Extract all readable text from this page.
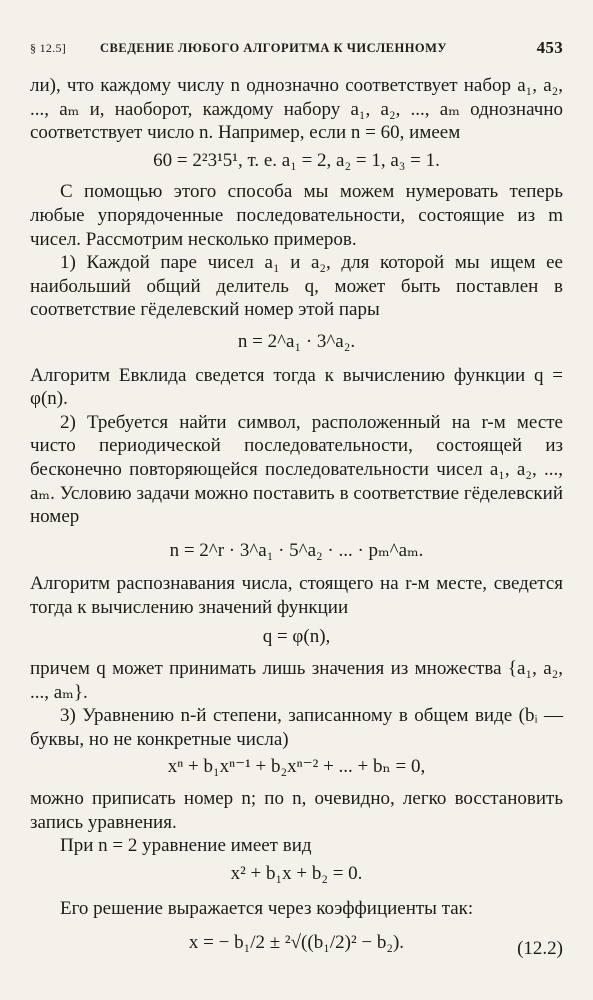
§ 12.5]	СВЕДЕНИЕ ЛЮБОГО АЛГОРИТМА К ЧИСЛЕННОМУ	453

ли), что каждому числу n однозначно соответствует набор a₁, a₂, ..., aₘ и, наоборот, каждому набору a₁, a₂, ..., aₘ однозначно соответствует число n. Например, если n = 60, имеем

60 = 2²3¹5¹, т. е. a₁ = 2, a₂ = 1, a₃ = 1.

С помощью этого способа мы можем нумеровать теперь любые упорядоченные последовательности, состоящие из m чисел. Рассмотрим несколько примеров.

1) Каждой паре чисел a₁ и a₂, для которой мы ищем ее наибольший общий делитель q, может быть поставлен в соответствие гёделевский номер этой пары

n = 2^a₁ · 3^a₂.

Алгоритм Евклида сведется тогда к вычислению функции q = φ(n).

2) Требуется найти символ, расположенный на r-м месте чисто периодической последовательности, состоящей из бесконечно повторяющейся последовательности чисел a₁, a₂, ..., aₘ. Условию задачи можно поставить в соответствие гёделевский номер

n = 2^r · 3^a₁ · 5^a₂ · ... · pₘ^aₘ.

Алгоритм распознавания числа, стоящего на r-м месте, сведется тогда к вычислению значений функции

q = φ(n),

причем q может принимать лишь значения из множества {a₁, a₂, ..., aₘ}.

3) Уравнению n-й степени, записанному в общем виде (bᵢ — буквы, но не конкретные числа)

xⁿ + b₁xⁿ⁻¹ + b₂xⁿ⁻² + ... + bₙ = 0,

можно приписать номер n; по n, очевидно, легко восстановить запись уравнения.

При n = 2 уравнение имеет вид

x² + b₁x + b₂ = 0.

Его решение выражается через коэффициенты так:

x = − b₁/2 ± ²√((b₁/2)² − b₂).	(12.2)
